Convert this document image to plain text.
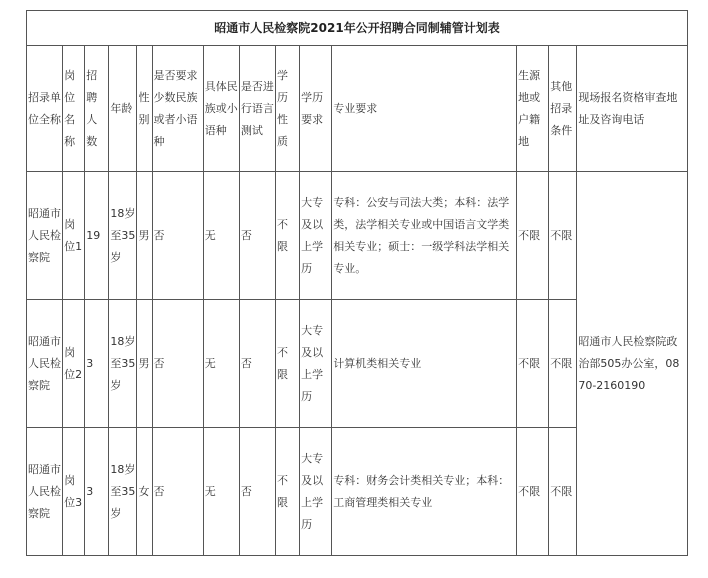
昭通市人民检察院2021年公开招聘合同制辅管计划表													
招录单位全称	岗位名称	招聘人数	年龄	性别	是否要求少数民族或者小语种	具体民族或小语种	是否进行语言测试	学历性质	学历要求	专业要求	生源地或户籍地	其他招录条件	现场报名资格审查地址及咨询电话
昭通市人民检察院	岗位1	19	18岁至35岁	男	否	无	否	不限	大专及以上学历	专科：公安与司法大类；本科：法学类，法学相关专业或中国语言文学类相关专业；硕士：一级学科法学相关专业。	不限	不限	昭通市人民检察院政治部505办公室，0870-2160190
昭通市人民检察院	岗位2	3	18岁至35岁	男	否	无	否	不限	大专及以上学历	计算机类相关专业	不限	不限	
昭通市人民检察院	岗位3	3	18岁至35岁	女	否	无	否	不限	大专及以上学历	专科：财务会计类相关专业；本科：工商管理类相关专业	不限	不限	
